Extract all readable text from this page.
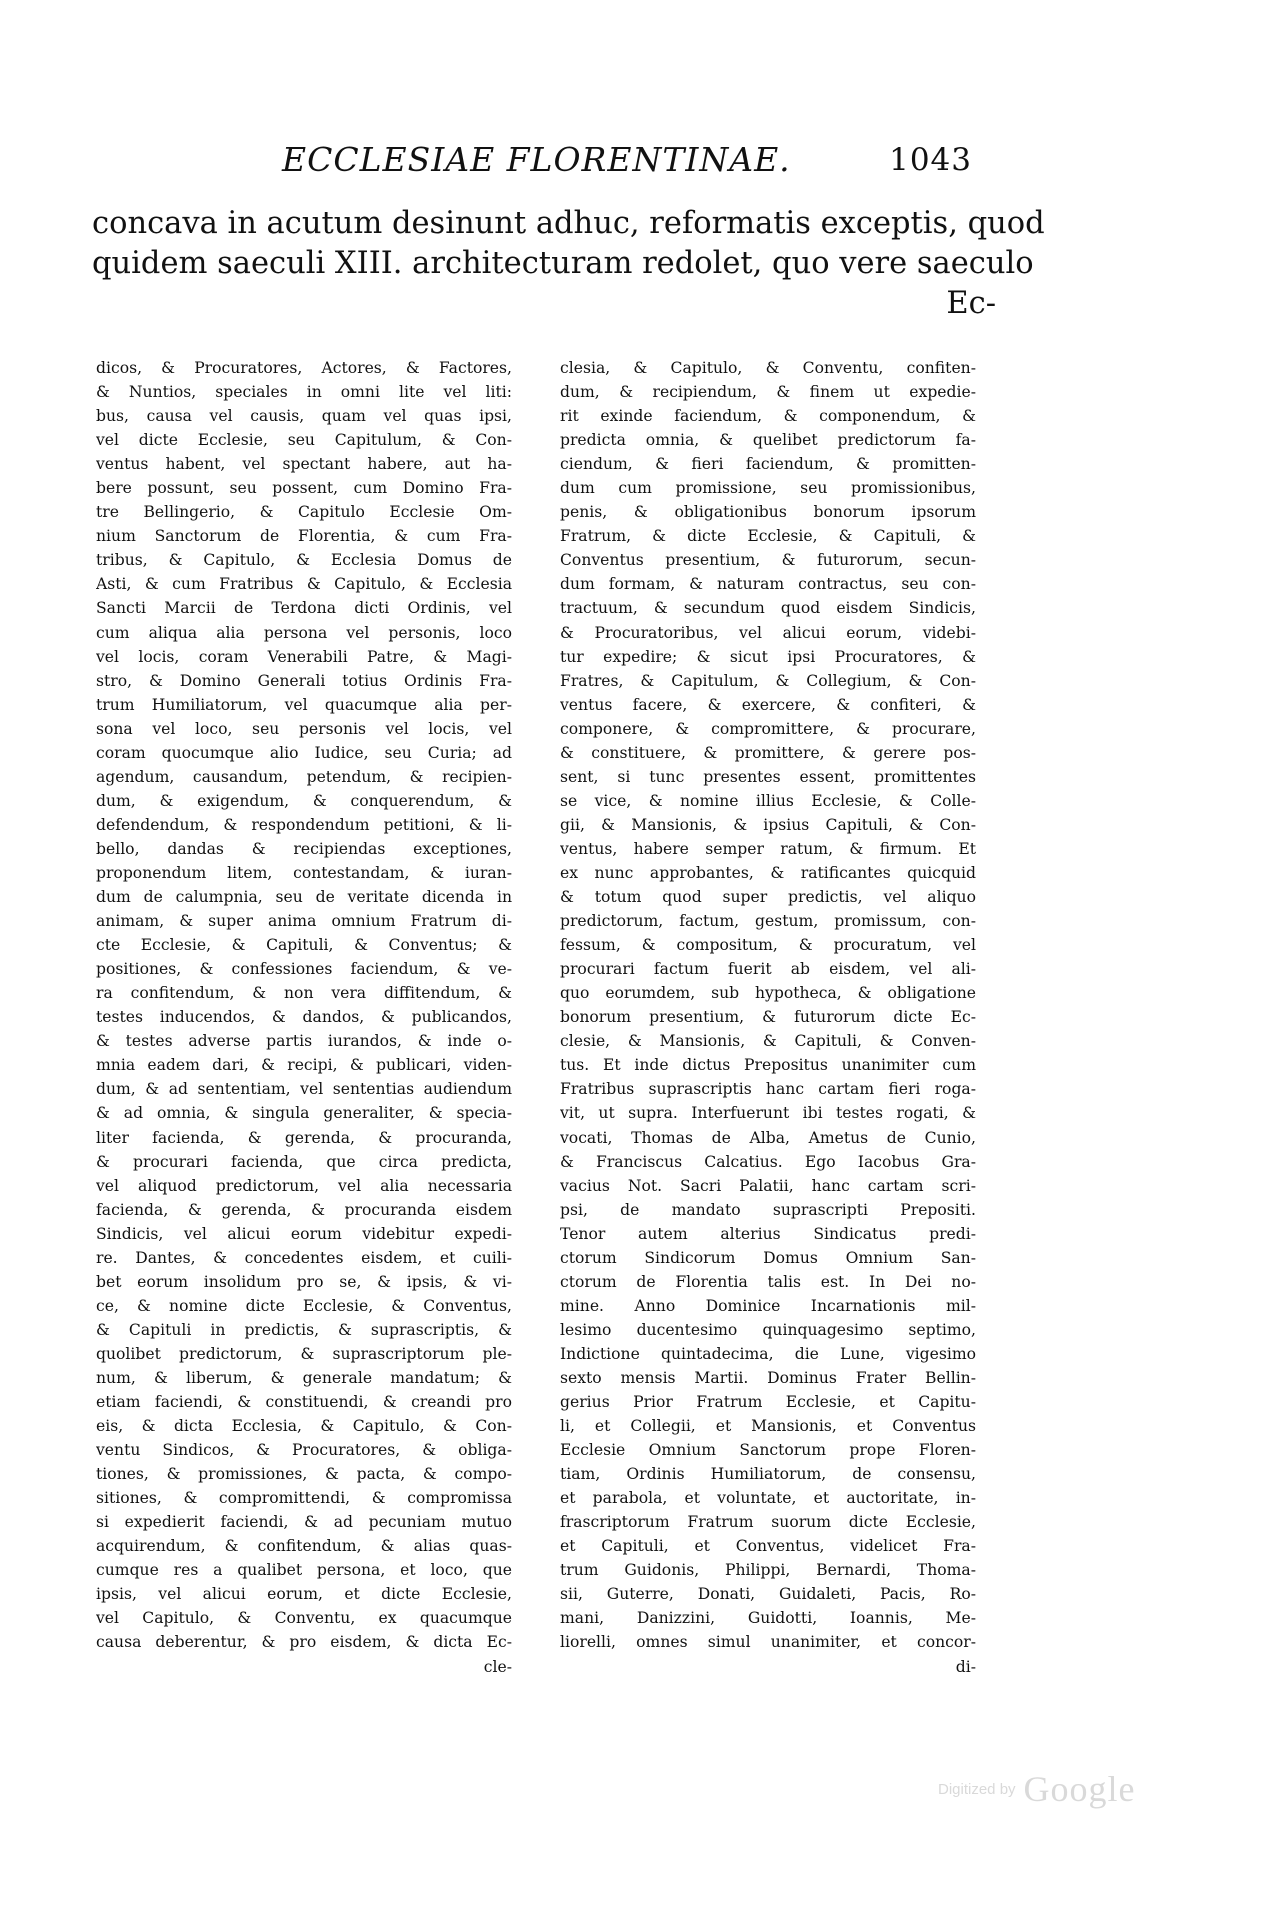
ECCLESIAE FLORENTINAE.	1043
concava in acutum desinunt adhuc, reformatis exceptis, quod
quidem saeculi XIII. architecturam redolet, quo vere saeculo
Ec-
dicos, & Procuratores, Actores, & Factores,
& Nuntios, speciales in omni lite vel liti:
bus, causa vel causis, quam vel quas ipsi,
vel dicte Ecclesie, seu Capitulum, & Con-
ventus habent, vel spectant habere, aut ha-
bere possunt, seu possent, cum Domino Fra-
tre Bellingerio, & Capitulo Ecclesie Om-
nium Sanctorum de Florentia, & cum Fra-
tribus, & Capitulo, & Ecclesia Domus de
Asti, & cum Fratribus & Capitulo, & Ecclesia
Sancti Marcii de Terdona dicti Ordinis, vel
cum aliqua alia persona vel personis, loco
vel locis, coram Venerabili Patre, & Magi-
stro, & Domino Generali totius Ordinis Fra-
trum Humiliatorum, vel quacumque alia per-
sona vel loco, seu personis vel locis, vel
coram quocumque alio Iudice, seu Curia; ad
agendum, causandum, petendum, & recipien-
dum, & exigendum, & conquerendum, &
defendendum, & respondendum petitioni, & li-
bello, dandas & recipiendas exceptiones,
proponendum litem, contestandam, & iuran-
dum de calumpnia, seu de veritate dicenda in
animam, & super anima omnium Fratrum di-
cte Ecclesie, & Capituli, & Conventus; &
positiones, & confessiones faciendum, & ve-
ra confitendum, & non vera diffitendum, &
testes inducendos, & dandos, & publicandos,
& testes adverse partis iurandos, & inde o-
mnia eadem dari, & recipi, & publicari, viden-
dum, & ad sententiam, vel sententias audiendum
& ad omnia, & singula generaliter, & specia-
liter facienda, & gerenda, & procuranda,
& procurari facienda, que circa predicta,
vel aliquod predictorum, vel alia necessaria
facienda, & gerenda, & procuranda eisdem
Sindicis, vel alicui eorum videbitur expedi-
re. Dantes, & concedentes eisdem, et cuili-
bet eorum insolidum pro se, & ipsis, & vi-
ce, & nomine dicte Ecclesie, & Conventus,
& Capituli in predictis, & suprascriptis, &
quolibet predictorum, & suprascriptorum ple-
num, & liberum, & generale mandatum; &
etiam faciendi, & constituendi, & creandi pro
eis, & dicta Ecclesia, & Capitulo, & Con-
ventu Sindicos, & Procuratores, & obliga-
tiones, & promissiones, & pacta, & compo-
sitiones, & compromittendi, & compromissa
si expedierit faciendi, & ad pecuniam mutuo
acquirendum, & confitendum, & alias quas-
cumque res a qualibet persona, et loco, que
ipsis, vel alicui eorum, et dicte Ecclesie,
vel Capitulo, & Conventu, ex quacumque
causa deberentur, & pro eisdem, & dicta Ec-
cle-
clesia, & Capitulo, & Conventu, confiten-
dum, & recipiendum, & finem ut expedie-
rit exinde faciendum, & componendum, &
predicta omnia, & quelibet predictorum fa-
ciendum, & fieri faciendum, & promitten-
dum cum promissione, seu promissionibus,
penis, & obligationibus bonorum ipsorum
Fratrum, & dicte Ecclesie, & Capituli, &
Conventus presentium, & futurorum, secun-
dum formam, & naturam contractus, seu con-
tractuum, & secundum quod eisdem Sindicis,
& Procuratoribus, vel alicui eorum, videbi-
tur expedire; & sicut ipsi Procuratores, &
Fratres, & Capitulum, & Collegium, & Con-
ventus facere, & exercere, & confiteri, &
componere, & compromittere, & procurare,
& constituere, & promittere, & gerere pos-
sent, si tunc presentes essent, promittentes
se vice, & nomine illius Ecclesie, & Colle-
gii, & Mansionis, & ipsius Capituli, & Con-
ventus, habere semper ratum, & firmum. Et
ex nunc approbantes, & ratificantes quicquid
& totum quod super predictis, vel aliquo
predictorum, factum, gestum, promissum, con-
fessum, & compositum, & procuratum, vel
procurari factum fuerit ab eisdem, vel ali-
quo eorumdem, sub hypotheca, & obligatione
bonorum presentium, & futurorum dicte Ec-
clesie, & Mansionis, & Capituli, & Conven-
tus. Et inde dictus Prepositus unanimiter cum
Fratribus suprascriptis hanc cartam fieri roga-
vit, ut supra. Interfuerunt ibi testes rogati, &
vocati, Thomas de Alba, Ametus de Cunio,
& Franciscus Calcatius. Ego Iacobus Gra-
vacius Not. Sacri Palatii, hanc cartam scri-
psi, de mandato suprascripti Prepositi.
Tenor autem alterius Sindicatus predi-
ctorum Sindicorum Domus Omnium San-
ctorum de Florentia talis est. In Dei no-
mine. Anno Dominice Incarnationis mil-
lesimo ducentesimo quinquagesimo septimo,
Indictione quintadecima, die Lune, vigesimo
sexto mensis Martii. Dominus Frater Bellin-
gerius Prior Fratrum Ecclesie, et Capitu-
li, et Collegii, et Mansionis, et Conventus
Ecclesie Omnium Sanctorum prope Floren-
tiam, Ordinis Humiliatorum, de consensu,
et parabola, et voluntate, et auctoritate, in-
frascriptorum Fratrum suorum dicte Ecclesie,
et Capituli, et Conventus, videlicet Fra-
trum Guidonis, Philippi, Bernardi, Thoma-
sii, Guterre, Donati, Guidaleti, Pacis, Ro-
mani, Danizzini, Guidotti, Ioannis, Me-
liorelli, omnes simul unanimiter, et concor-
di-
Digitized by Google
